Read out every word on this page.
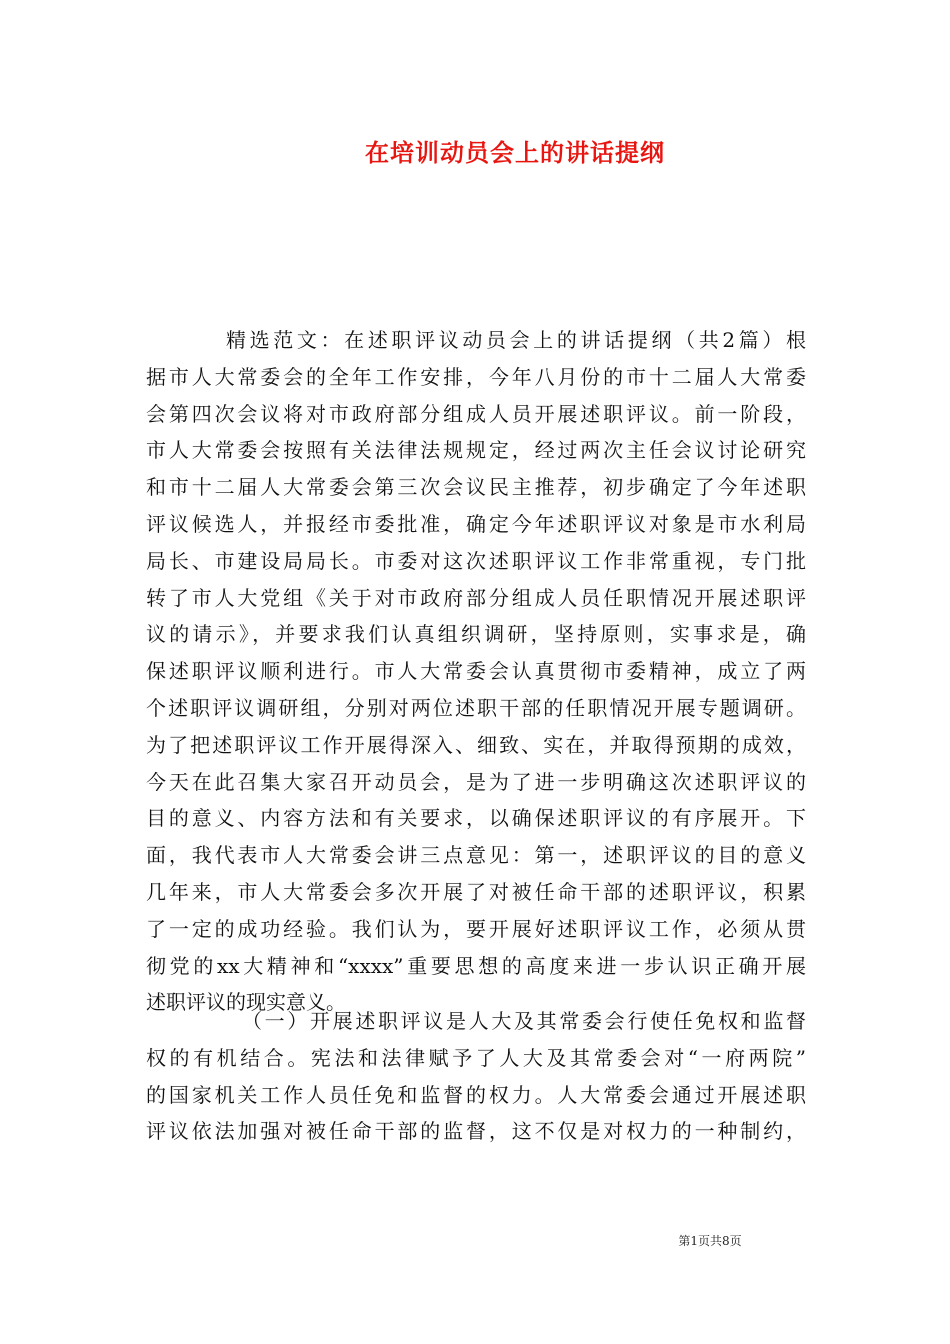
在培训动员会上的讲话提纲
精选范文：在述职评议动员会上的讲话提纲（共2篇）根
据市人大常委会的全年工作安排，今年八月份的市十二届人大常委
会第四次会议将对市政府部分组成人员开展述职评议。前一阶段，
市人大常委会按照有关法律法规规定，经过两次主任会议讨论研究
和市十二届人大常委会第三次会议民主推荐，初步确定了今年述职
评议候选人，并报经市委批准，确定今年述职评议对象是市水利局
局长、市建设局局长。市委对这次述职评议工作非常重视，专门批
转了市人大党组《关于对市政府部分组成人员任职情况开展述职评
议的请示》，并要求我们认真组织调研，坚持原则，实事求是，确
保述职评议顺利进行。市人大常委会认真贯彻市委精神，成立了两
个述职评议调研组，分别对两位述职干部的任职情况开展专题调研。
为了把述职评议工作开展得深入、细致、实在，并取得预期的成效，
今天在此召集大家召开动员会，是为了进一步明确这次述职评议的
目的意义、内容方法和有关要求，以确保述职评议的有序展开。下
面，我代表市人大常委会讲三点意见：第一，述职评议的目的意义
几年来，市人大常委会多次开展了对被任命干部的述职评议，积累
了一定的成功经验。我们认为，要开展好述职评议工作，必须从贯
彻党的xx大精神和“xxxx”重要思想的高度来进一步认识正确开展
述职评议的现实意义。
（一）开展述职评议是人大及其常委会行使任免权和监督
权的有机结合。宪法和法律赋予了人大及其常委会对“一府两院”
的国家机关工作人员任免和监督的权力。人大常委会通过开展述职
评议依法加强对被任命干部的监督，这不仅是对权力的一种制约，
第1页共8页
